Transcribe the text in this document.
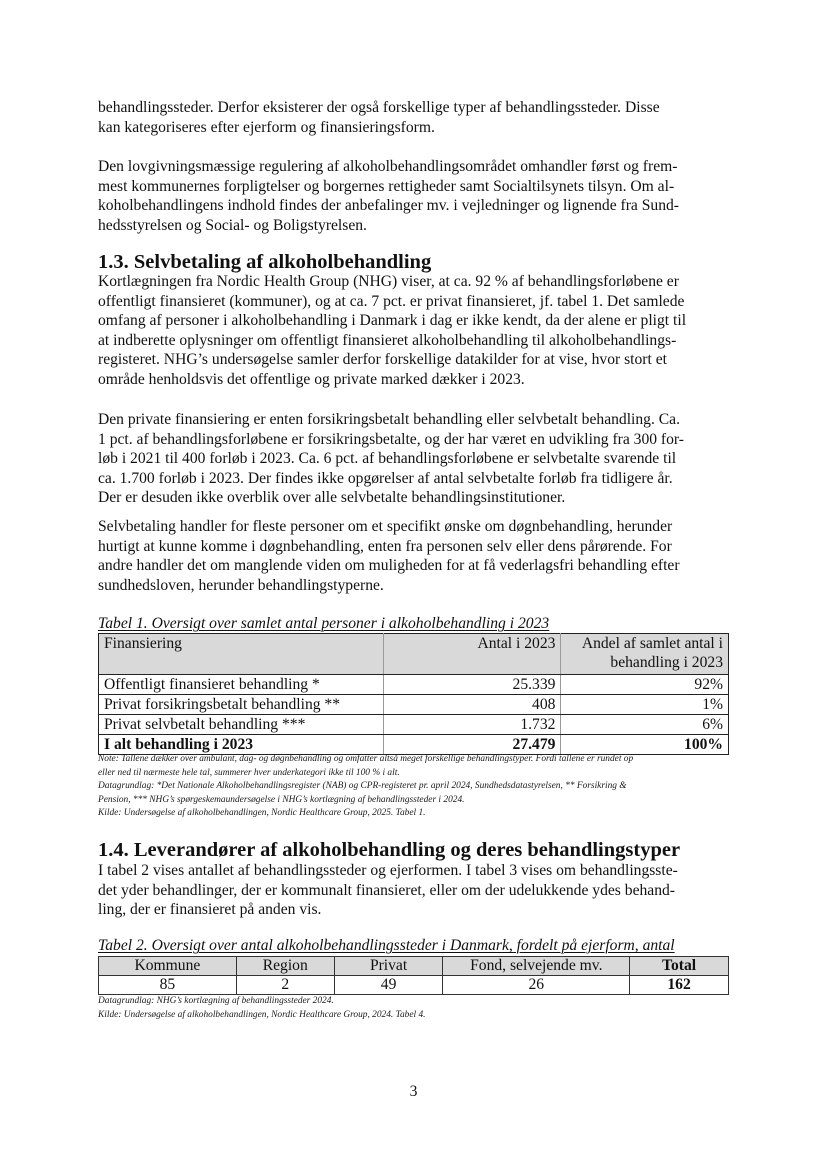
behandlingssteder. Derfor eksisterer der også forskellige typer af behandlingssteder. Disse
kan kategoriseres efter ejerform og finansieringsform.

Den lovgivningsmæssige regulering af alkoholbehandlingsområdet omhandler først og frem-
mest kommunernes forpligtelser og borgernes rettigheder samt Socialtilsynets tilsyn. Om al-
koholbehandlingens indhold findes der anbefalinger mv. i vejledninger og lignende fra Sund-
hedsstyrelsen og Social- og Boligstyrelsen.

1.3. Selvbetaling af alkoholbehandling

Kortlægningen fra Nordic Health Group (NHG) viser, at ca. 92 % af behandlingsforløbene er
offentligt finansieret (kommuner), og at ca. 7 pct. er privat finansieret, jf. tabel 1. Det samlede
omfang af personer i alkoholbehandling i Danmark i dag er ikke kendt, da der alene er pligt til
at indberette oplysninger om offentligt finansieret alkoholbehandling til alkoholbehandlings-
registeret. NHG’s undersøgelse samler derfor forskellige datakilder for at vise, hvor stort et
område henholdsvis det offentlige og private marked dækker i 2023.

Den private finansiering er enten forsikringsbetalt behandling eller selvbetalt behandling. Ca.
1 pct. af behandlingsforløbene er forsikringsbetalte, og der har været en udvikling fra 300 for-
løb i 2021 til 400 forløb i 2023. Ca. 6 pct. af behandlingsforløbene er selvbetalte svarende til
ca. 1.700 forløb i 2023. Der findes ikke opgørelser af antal selvbetalte forløb fra tidligere år.
Der er desuden ikke overblik over alle selvbetalte behandlingsinstitutioner.

Selvbetaling handler for fleste personer om et specifikt ønske om døgnbehandling, herunder
hurtigt at kunne komme i døgnbehandling, enten fra personen selv eller dens pårørende. For
andre handler det om manglende viden om muligheden for at få vederlagsfri behandling efter
sundhedsloven, herunder behandlingstyperne.

Tabel 1. Oversigt over samlet antal personer i alkoholbehandling i 2023

Finansiering	Antal i 2023	Andel af samlet antal i
behandling i 2023

Offentligt finansieret behandling *	25.339	92%
Privat forsikringsbetalt behandling **	408	1%
Privat selvbetalt behandling ***	1.732	6%
I alt behandling i 2023	27.479	100%

Note: Tallene dækker over ambulant, dag- og døgnbehandling og omfatter altså meget forskellige behandlingstyper. Fordi tallene er rundet op
eller ned til nærmeste hele tal, summerer hver underkategori ikke til 100 % i alt.
Datagrundlag: *Det Nationale Alkoholbehandlingsregister (NAB) og CPR-registeret pr. april 2024, Sundhedsdatastyrelsen, ** Forsikring &
Pension, *** NHG’s spørgeskemaundersøgelse i NHG’s kortlægning af behandlingssteder i 2024.
Kilde: Undersøgelse af alkoholbehandlingen, Nordic Healthcare Group, 2025. Tabel 1.

1.4. Leverandører af alkoholbehandling og deres behandlingstyper

I tabel 2 vises antallet af behandlingssteder og ejerformen. I tabel 3 vises om behandlingsste-
det yder behandlinger, der er kommunalt finansieret, eller om der udelukkende ydes behand-
ling, der er finansieret på anden vis.

Tabel 2. Oversigt over antal alkoholbehandlingssteder i Danmark, fordelt på ejerform, antal

Kommune	Region	Privat	Fond, selvejende mv.	Total
85	2	49	26	162

Datagrundlag: NHG’s kortlægning af behandlingssteder 2024.
Kilde: Undersøgelse af alkoholbehandlingen, Nordic Healthcare Group, 2024. Tabel 4.

3
